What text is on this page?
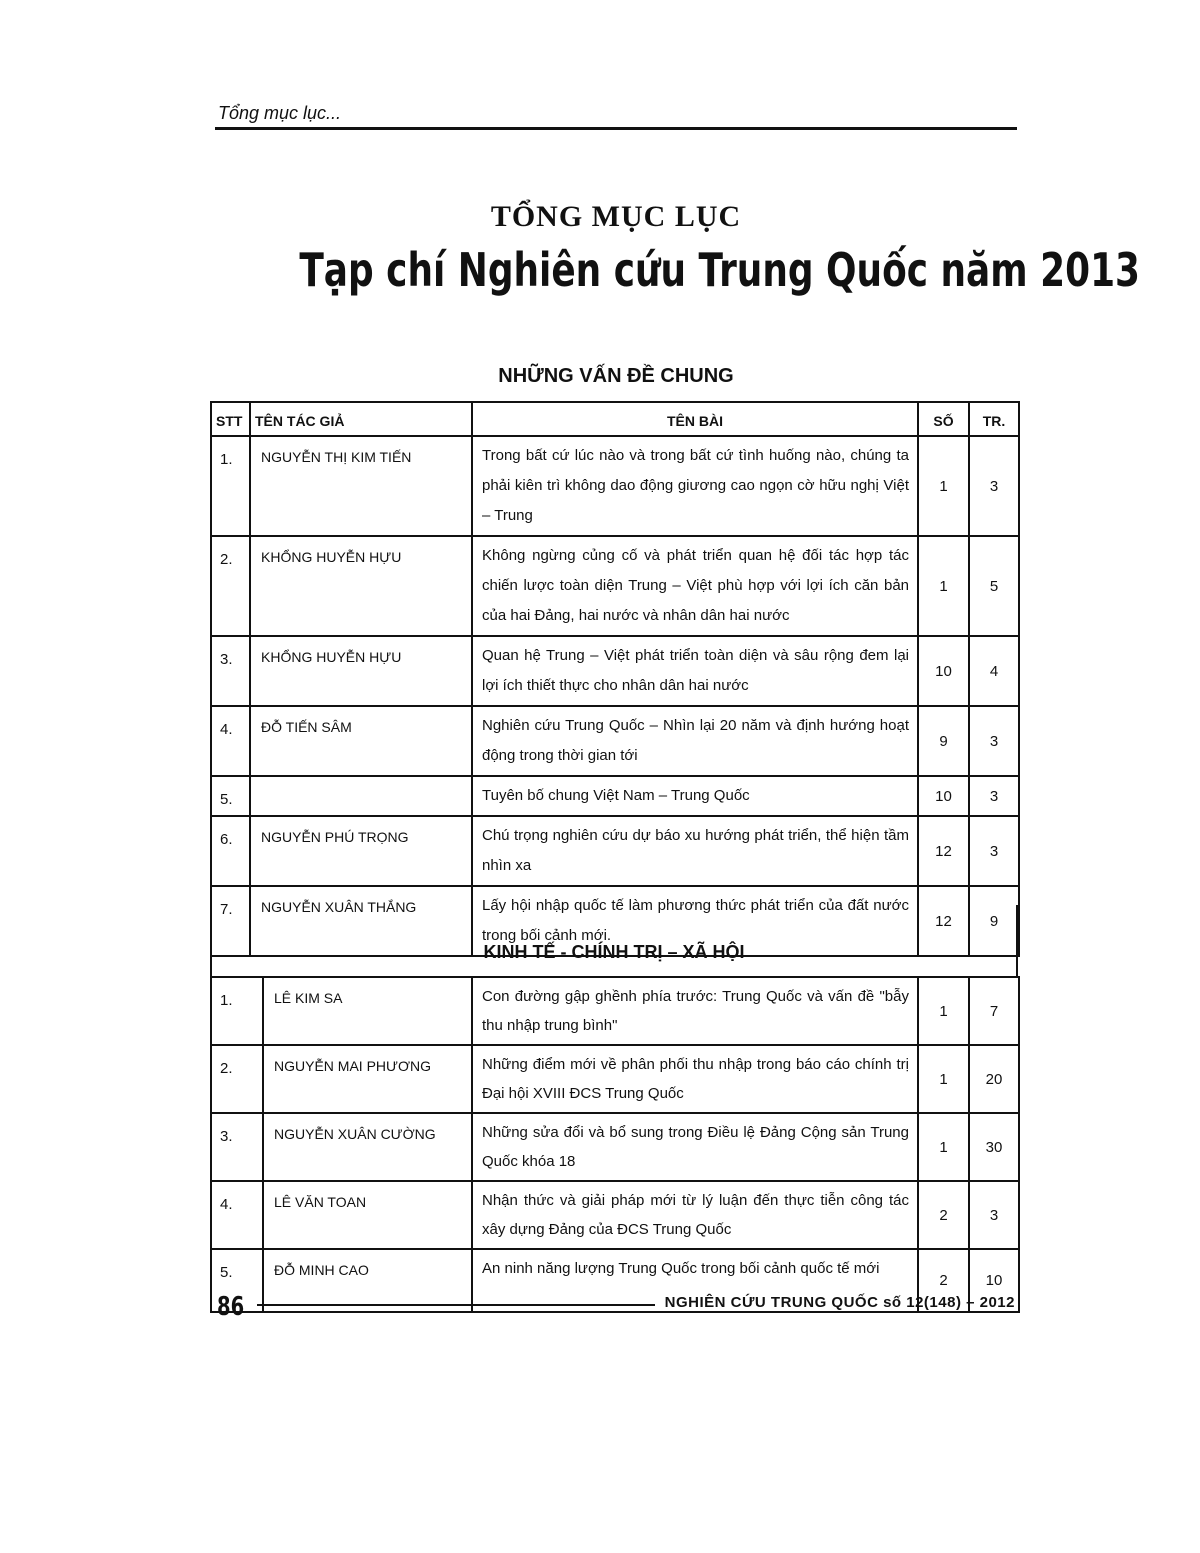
Tổng mục lục...
TỔNG MỤC LỤC
Tạp chí Nghiên cứu Trung Quốc năm 2013
NHỮNG VẤN ĐỀ CHUNG
STT	TÊN TÁC GIẢ	TÊN BÀI	SỐ	TR.
1.	NGUYỄN THỊ KIM TIẾN	Trong bất cứ lúc nào và trong bất cứ tình huống nào, chúng ta phải kiên trì không dao động giương cao ngọn cờ hữu nghị Việt – Trung	1	3
2.	KHỔNG HUYỄN HỰU	Không ngừng củng cố và phát triển quan hệ đối tác hợp tác chiến lược toàn diện Trung – Việt phù hợp với lợi ích căn bản của hai Đảng, hai nước và nhân dân hai nước	1	5
3.	KHỔNG HUYỄN HỰU	Quan hệ Trung – Việt phát triển toàn diện và sâu rộng đem lại lợi ích thiết thực cho nhân dân hai nước	10	4
4.	ĐỖ TIẾN SÂM	Nghiên cứu Trung Quốc – Nhìn lại 20 năm và định hướng hoạt động trong thời gian tới	9	3
5.		Tuyên bố chung Việt Nam – Trung Quốc	10	3
6.	NGUYỄN PHÚ TRỌNG	Chú trọng nghiên cứu dự báo xu hướng phát triển, thể hiện tầm nhìn xa	12	3
7.	NGUYỄN XUÂN THẮNG	Lấy hội nhập quốc tế làm phương thức phát triển của đất nước trong bối cảnh mới.	12	9
KINH TẾ - CHÍNH TRỊ – XÃ HỘI
1.	LÊ KIM SA	Con đường gập ghềnh phía trước: Trung Quốc và vấn đề "bẫy thu nhập trung bình"	1	7
2.	NGUYỄN MAI PHƯƠNG	Những điểm mới về phân phối thu nhập trong báo cáo chính trị Đại hội XVIII ĐCS Trung Quốc	1	20
3.	NGUYỄN XUÂN CƯỜNG	Những sửa đổi và bổ sung trong Điều lệ Đảng Cộng sản Trung Quốc khóa 18	1	30
4.	LÊ VĂN TOAN	Nhận thức và giải pháp mới từ lý luận đến thực tiễn công tác xây dựng Đảng của ĐCS Trung Quốc	2	3
5.	ĐỖ MINH CAO	An ninh năng lượng Trung Quốc trong bối cảnh quốc tế mới	2	10
86	NGHIÊN CỨU TRUNG QUỐC số 12(148) – 2012
